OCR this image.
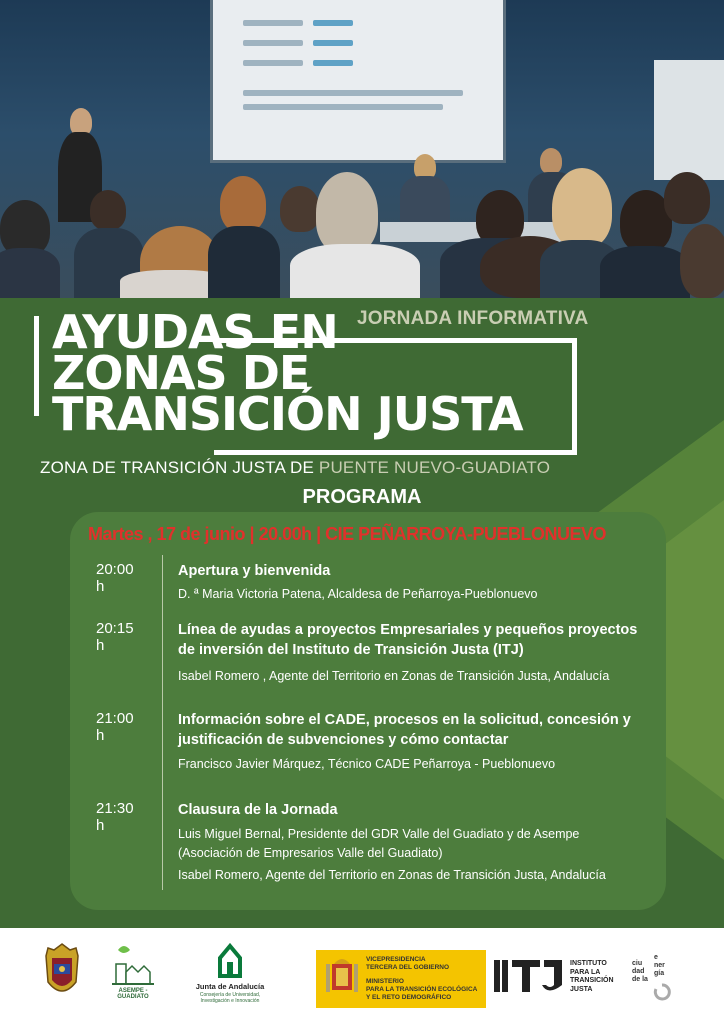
JORNADA INFORMATIVA
AYUDAS EN
ZONAS DE
TRANSICIÓN JUSTA
ZONA DE TRANSICIÓN JUSTA DE PUENTE NUEVO-GUADIATO
PROGRAMA
Martes , 17 de junio | 20.00h | CIE PEÑARROYA-PUEBLONUEVO
20:00 h
Apertura y bienvenida
D. ª Maria Victoria Patena, Alcaldesa de Peñarroya-Pueblonuevo
20:15 h
Línea de ayudas a proyectos Empresariales y pequeños proyectos de inversión del Instituto de Transición Justa (ITJ)
Isabel Romero , Agente del Territorio en Zonas de Transición Justa, Andalucía
21:00 h
Información sobre el CADE, procesos en la solicitud, concesión y justificación de subvenciones y cómo contactar
Francisco Javier Márquez, Técnico CADE Peñarroya - Pueblonuevo
21:30 h
Clausura de la Jornada
Luis Miguel Bernal, Presidente del GDR Valle del Guadiato y de Asempe
(Asociación de Empresarios Valle del Guadiato)
Isabel Romero, Agente del Territorio en Zonas de Transición Justa, Andalucía
ASEMPE - GUADIATO
Junta de Andalucía
Consejería de Universidad, Investigación e Innovación
VICEPRESIDENCIA
TERCERA DEL GOBIERNO
MINISTERIO
PARA LA TRANSICIÓN ECOLÓGICA
Y EL RETO DEMOGRÁFICO
INSTITUTO
PARA LA
TRANSICIÓN
JUSTA
ciu
dad
de la
e
ner
gía
